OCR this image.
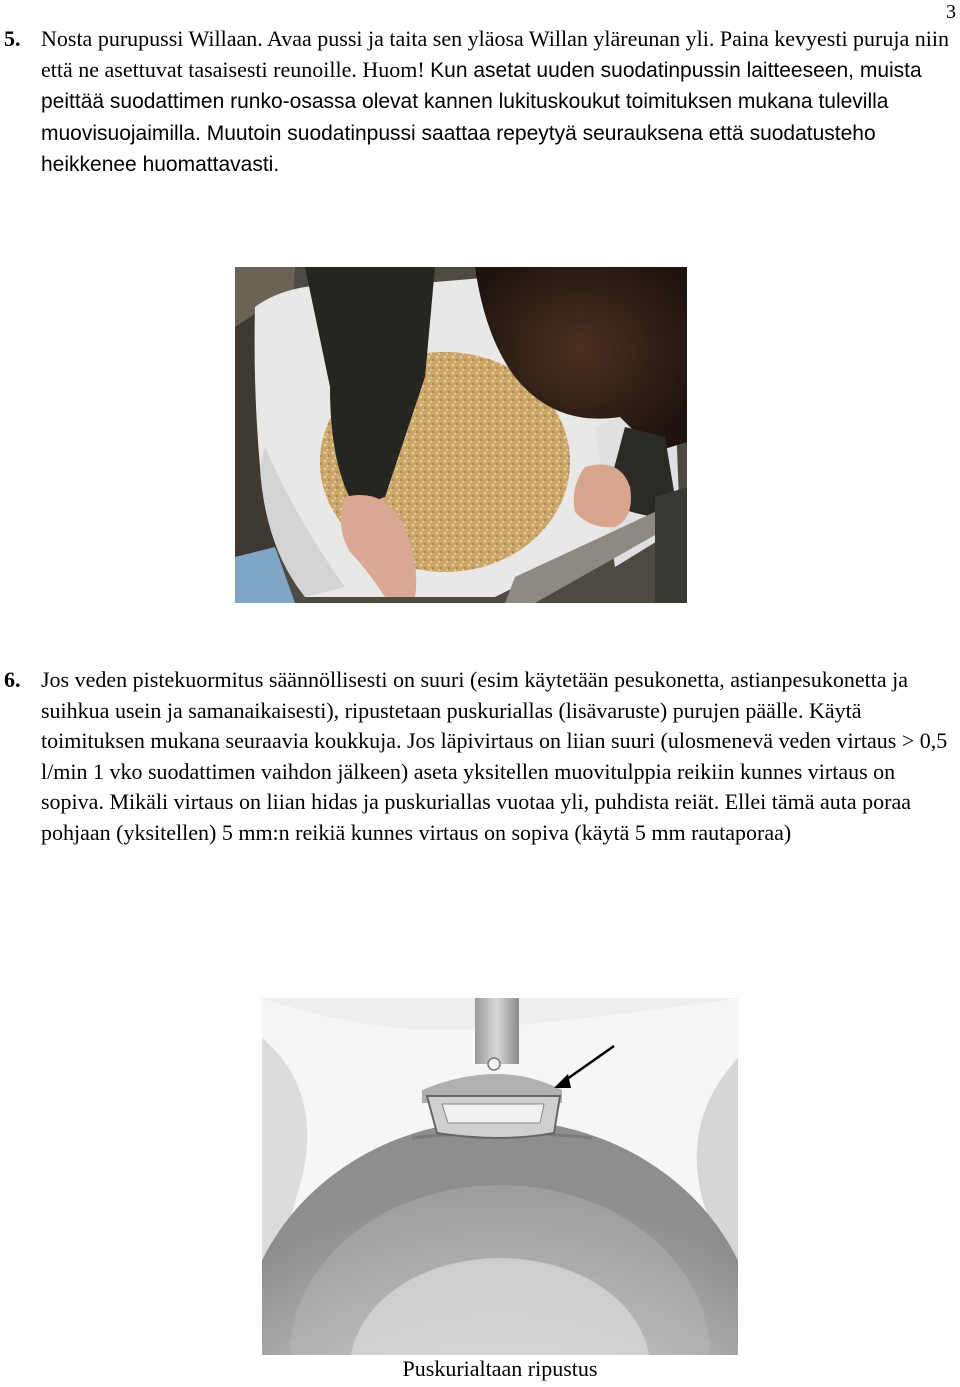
3
5. Nosta purupussi Willaan. Avaa pussi ja taita sen yläosa Willan yläreunan yli. Paina kevyesti puruja niin että ne asettuvat tasaisesti reunoille. Huom! Kun asetat uuden suodatinpussin laitteeseen, muista peittää suodattimen runko-osassa olevat kannen lukituskoukut toimituksen mukana tulevilla muovisuojaimilla. Muutoin suodatinpussi saattaa repeytyä seurauksena että suodatusteho heikkenee huomattavasti.
6. Jos veden pistekuormitus säännöllisesti on suuri (esim käytetään pesukonetta, astianpesukonetta ja suihkua usein ja samanaikaisesti), ripustetaan puskuriallas (lisävaruste) purujen päälle. Käytä toimituksen mukana seuraavia koukkuja. Jos läpivirtaus on liian suuri (ulosmenevä veden virtaus > 0,5 l/min 1 vko suodattimen vaihdon jälkeen) aseta yksitellen muovitulppia reikiin kunnes virtaus on sopiva. Mikäli virtaus on liian hidas ja puskuriallas vuotaa yli, puhdista reiät. Ellei tämä auta poraa pohjaan (yksitellen) 5 mm:n reikiä kunnes virtaus on sopiva (käytä 5 mm rautaporaa)
Puskurialtaan ripustus
